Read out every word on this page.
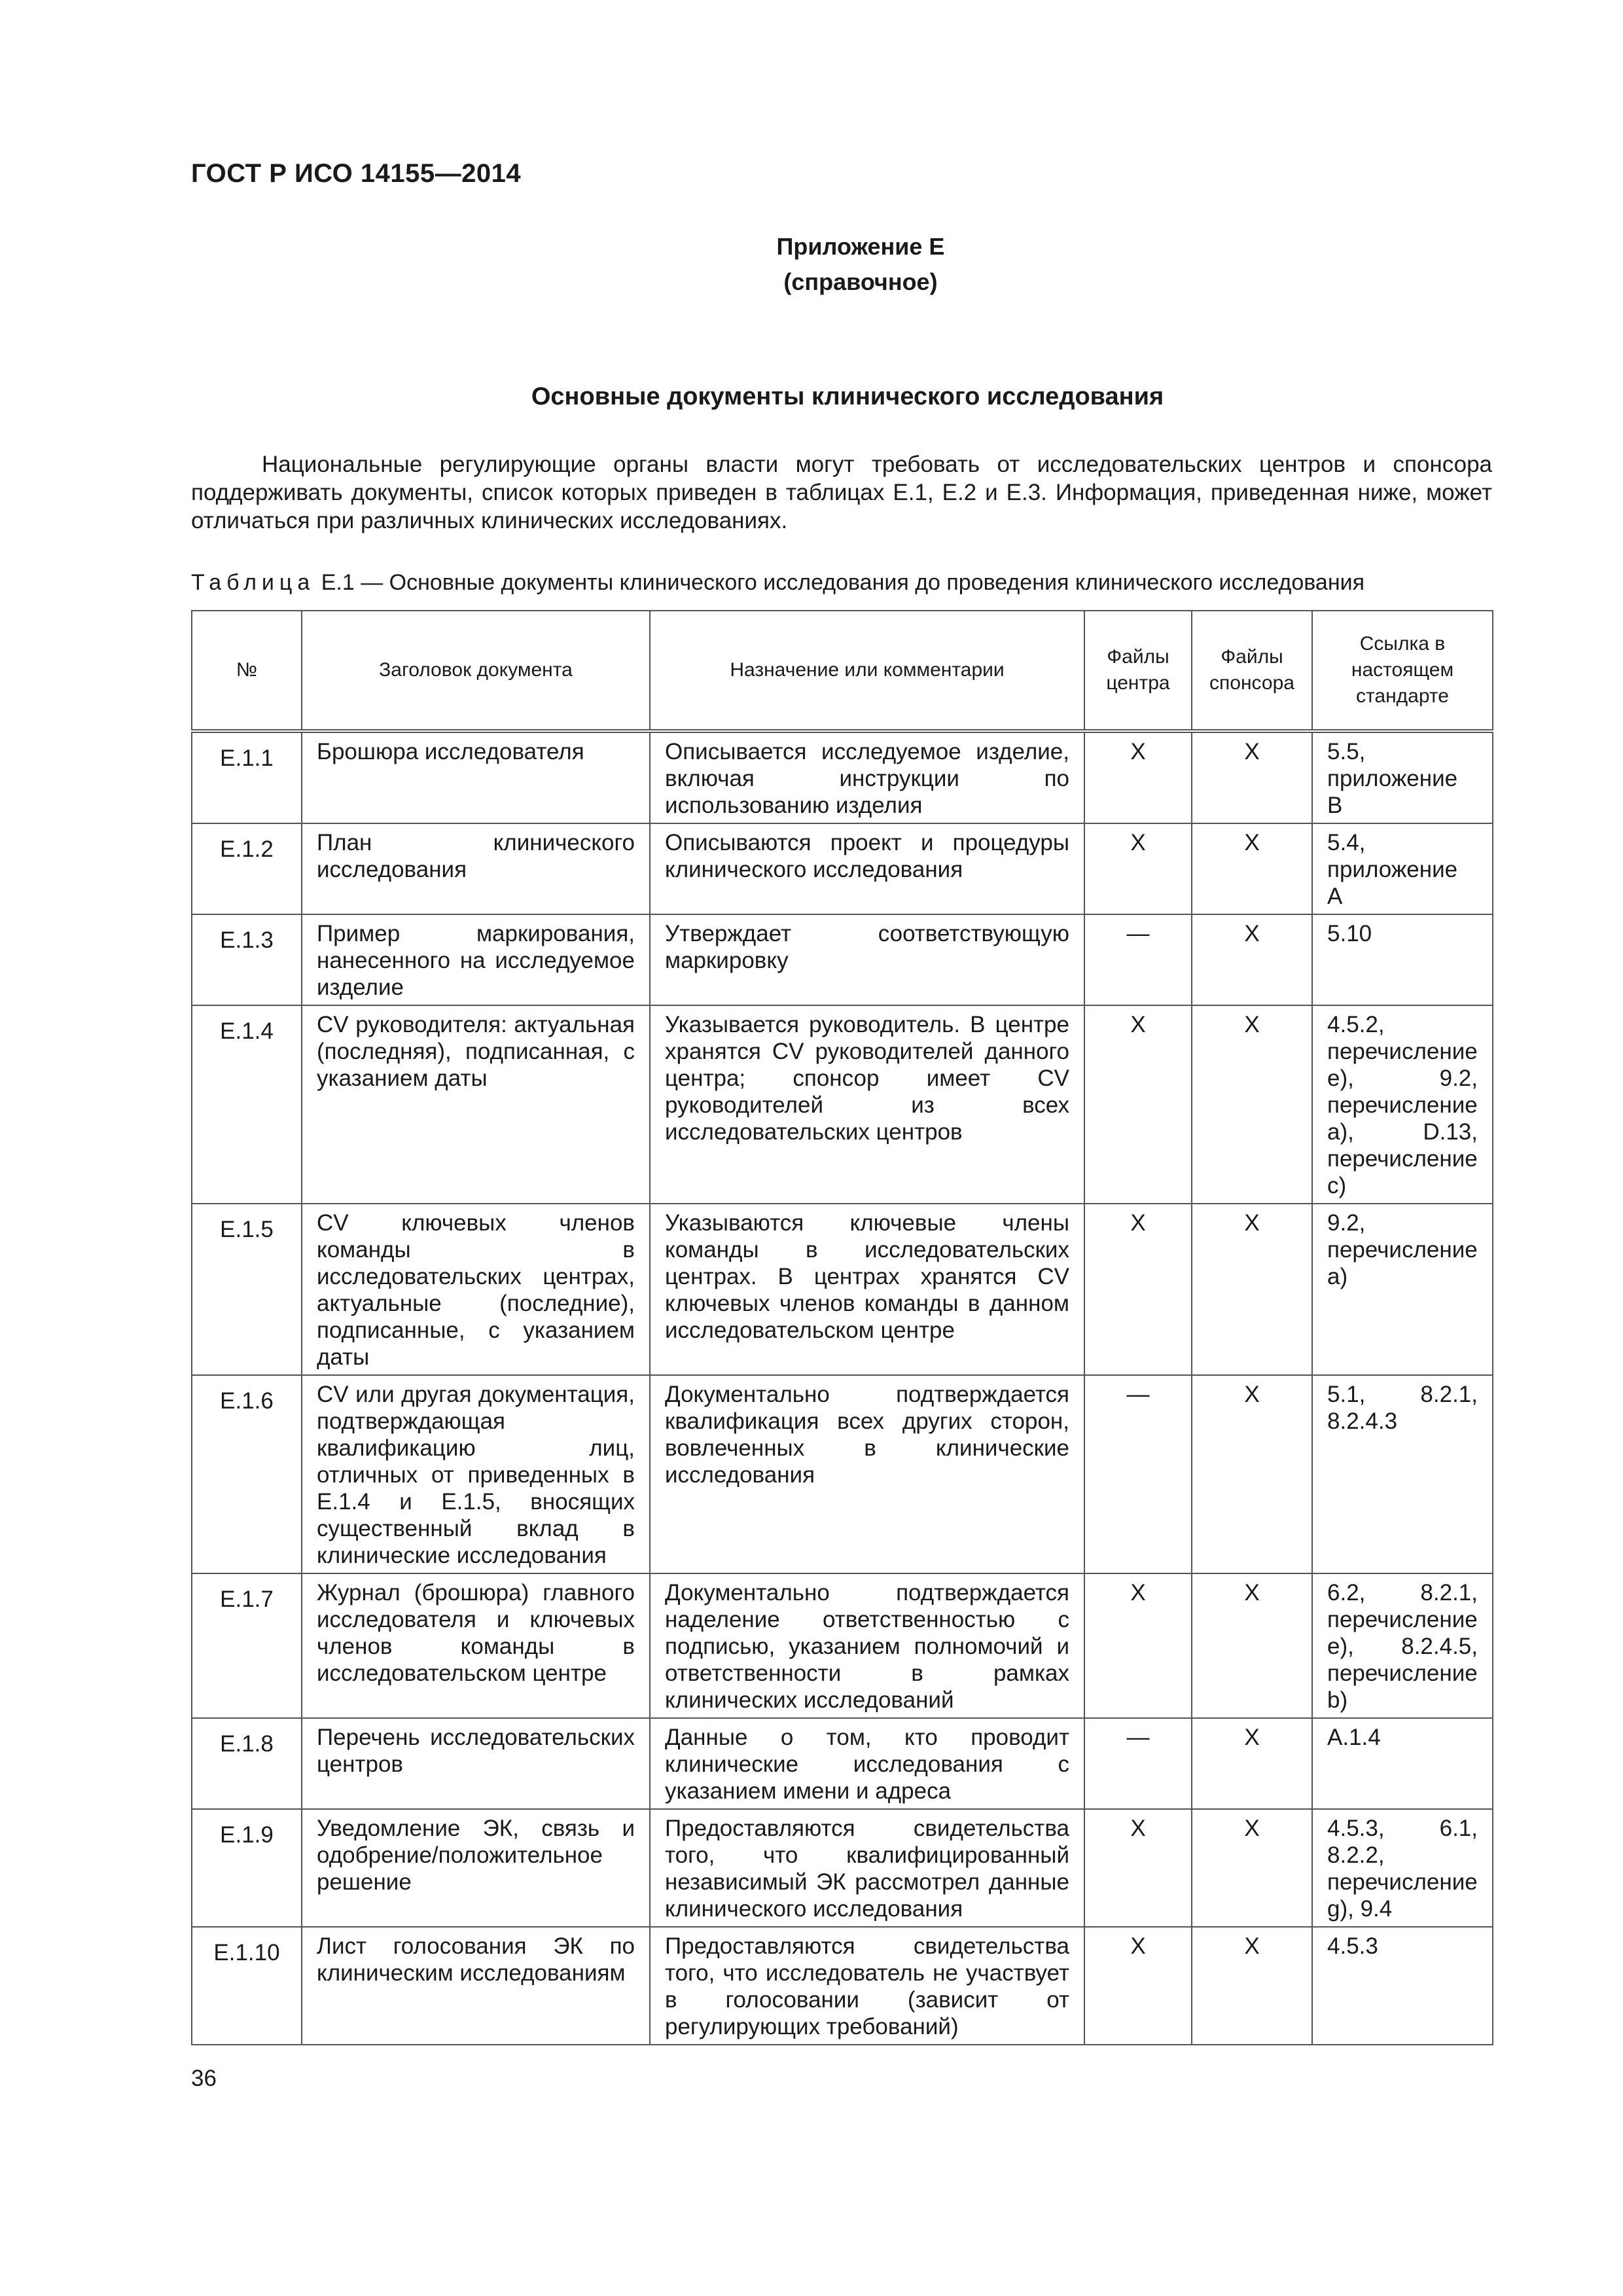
ГОСТ Р ИСО 14155—2014
Приложение Е
(справочное)
Основные документы клинического исследования

Национальные регулирующие органы власти могут требовать от исследовательских центров и спонсора поддерживать документы, список которых приведен в таблицах Е.1, Е.2 и Е.3. Информация, приведенная ниже, может отличаться при различных клинических исследованиях.

Таблица Е.1 — Основные документы клинического исследования до проведения клинического исследования
№	Заголовок документа	Назначение или комментарии	Файлы центра	Файлы спонсора	Ссылка в настоящем стандарте
Е.1.1	Брошюра исследователя	Описывается исследуемое изделие, включая инструкции по использованию изделия	X	X	5.5, приложение В
Е.1.2	План клинического исследования	Описываются проект и процедуры клинического исследования	X	X	5.4, приложение А
Е.1.3	Пример маркирования, нанесенного на исследуемое изделие	Утверждает соответствующую маркировку	—	X	5.10
Е.1.4	CV руководителя: актуальная (последняя), подписанная, с указанием даты	Указывается руководитель. В центре хранятся CV руководителей данного центра; спонсор имеет CV руководителей из всех исследовательских центров	X	X	4.5.2, перечисление е), 9.2, перечисление а), D.13, перечисление с)
Е.1.5	CV ключевых членов команды в исследовательских центрах, актуальные (последние), подписанные, с указанием даты	Указываются ключевые члены команды в исследовательских центрах. В центрах хранятся CV ключевых членов команды в данном исследовательском центре	X	X	9.2, перечисление а)
Е.1.6	CV или другая документация, подтверждающая квалификацию лиц, отличных от приведенных в Е.1.4 и Е.1.5, вносящих существенный вклад в клинические исследования	Документально подтверждается квалификация всех других сторон, вовлеченных в клинические исследования	—	X	5.1, 8.2.1, 8.2.4.3
Е.1.7	Журнал (брошюра) главного исследователя и ключевых членов команды в исследовательском центре	Документально подтверждается наделение ответственностью с подписью, указанием полномочий и ответственности в рамках клинических исследований	X	X	6.2, 8.2.1, перечисление е), 8.2.4.5, перечисление b)
Е.1.8	Перечень исследовательских центров	Данные о том, кто проводит клинические исследования с указанием имени и адреса	—	X	А.1.4
Е.1.9	Уведомление ЭК, связь и одобрение/положительное решение	Предоставляются свидетельства того, что квалифицированный независимый ЭК рассмотрел данные клинического исследования	X	X	4.5.3, 6.1, 8.2.2, перечисление g), 9.4
Е.1.10	Лист голосования ЭК по клиническим исследованиям	Предоставляются свидетельства того, что исследователь не участвует в голосовании (зависит от регулирующих требований)	X	X	4.5.3
36
